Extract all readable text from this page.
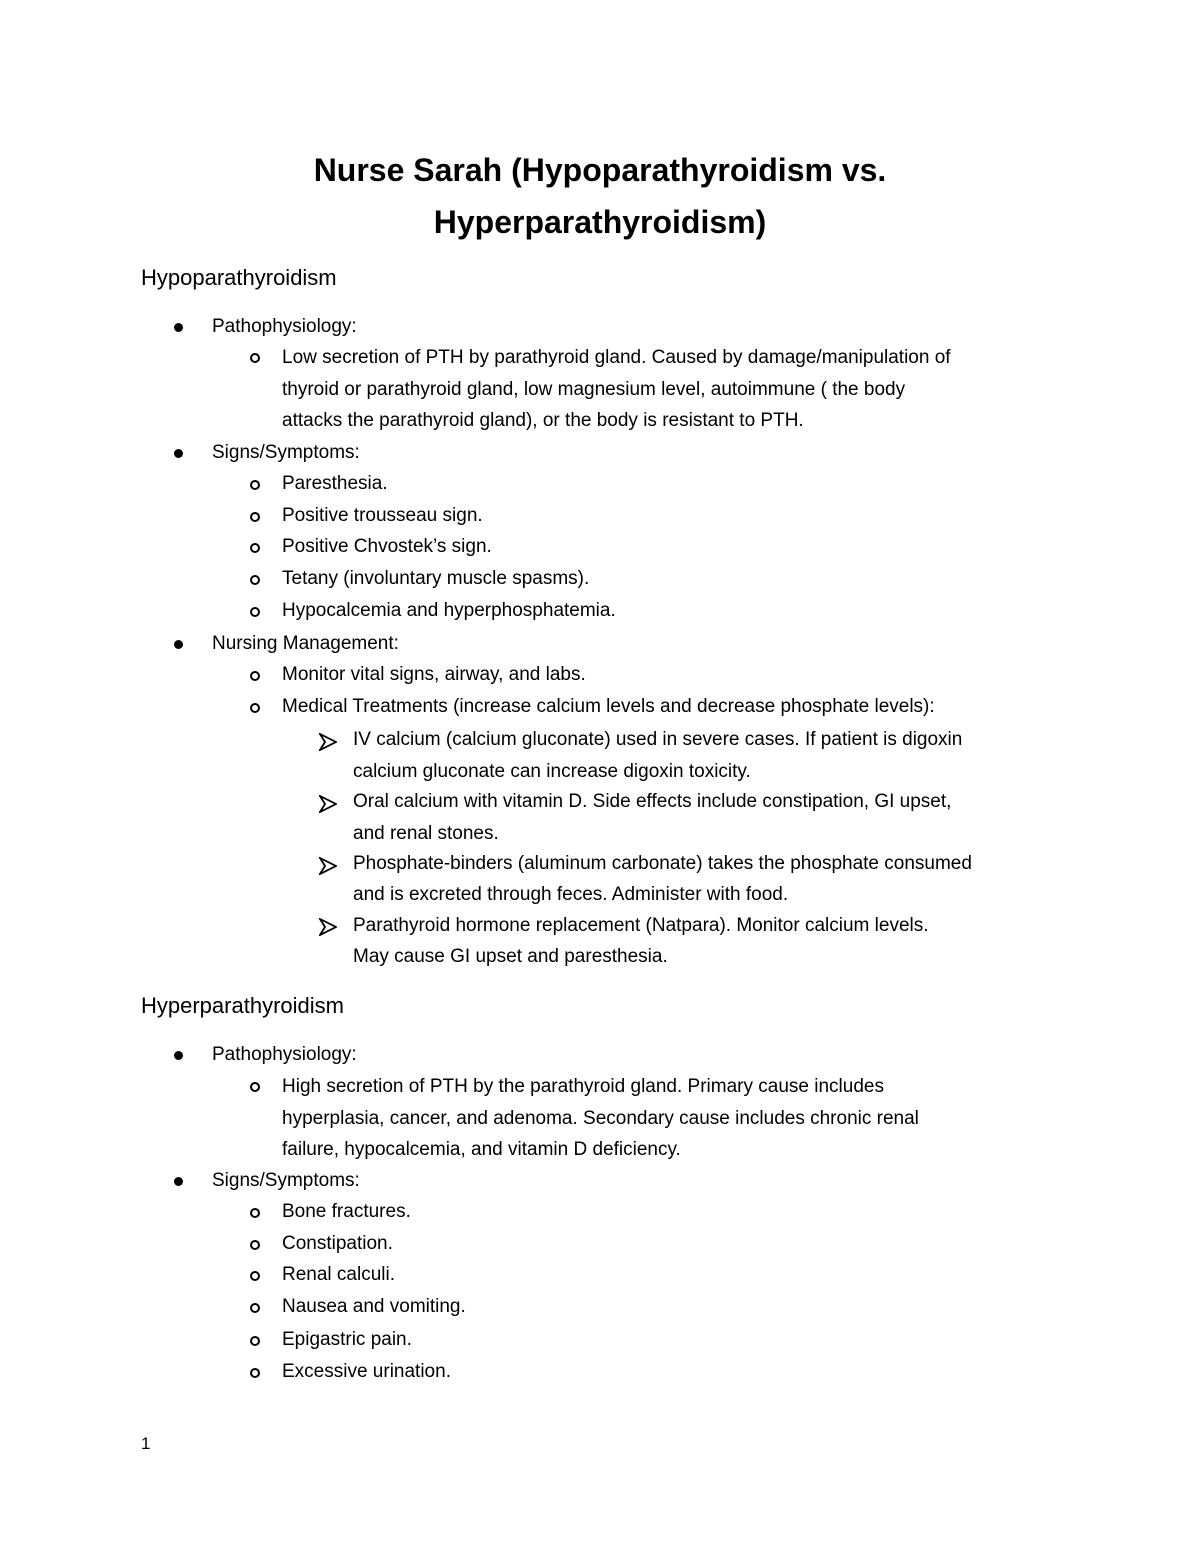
Nurse Sarah (Hypoparathyroidism vs.
Hyperparathyroidism)
Hypoparathyroidism
Pathophysiology:
Low secretion of PTH by parathyroid gland. Caused by damage/manipulation of
thyroid or parathyroid gland, low magnesium level, autoimmune ( the body
attacks the parathyroid gland), or the body is resistant to PTH.
Signs/Symptoms:
Paresthesia.
Positive trousseau sign.
Positive Chvostek’s sign.
Tetany (involuntary muscle spasms).
Hypocalcemia and hyperphosphatemia.
Nursing Management:
Monitor vital signs, airway, and labs.
Medical Treatments (increase calcium levels and decrease phosphate levels):
IV calcium (calcium gluconate) used in severe cases. If patient is digoxin
calcium gluconate can increase digoxin toxicity.
Oral calcium with vitamin D. Side effects include constipation, GI upset,
and renal stones.
Phosphate-binders (aluminum carbonate) takes the phosphate consumed
and is excreted through feces. Administer with food.
Parathyroid hormone replacement (Natpara). Monitor calcium levels.
May cause GI upset and paresthesia.
Hyperparathyroidism
Pathophysiology:
High secretion of PTH by the parathyroid gland. Primary cause includes
hyperplasia, cancer, and adenoma. Secondary cause includes chronic renal
failure, hypocalcemia, and vitamin D deficiency.
Signs/Symptoms:
Bone fractures.
Constipation.
Renal calculi.
Nausea and vomiting.
Epigastric pain.
Excessive urination.
1
